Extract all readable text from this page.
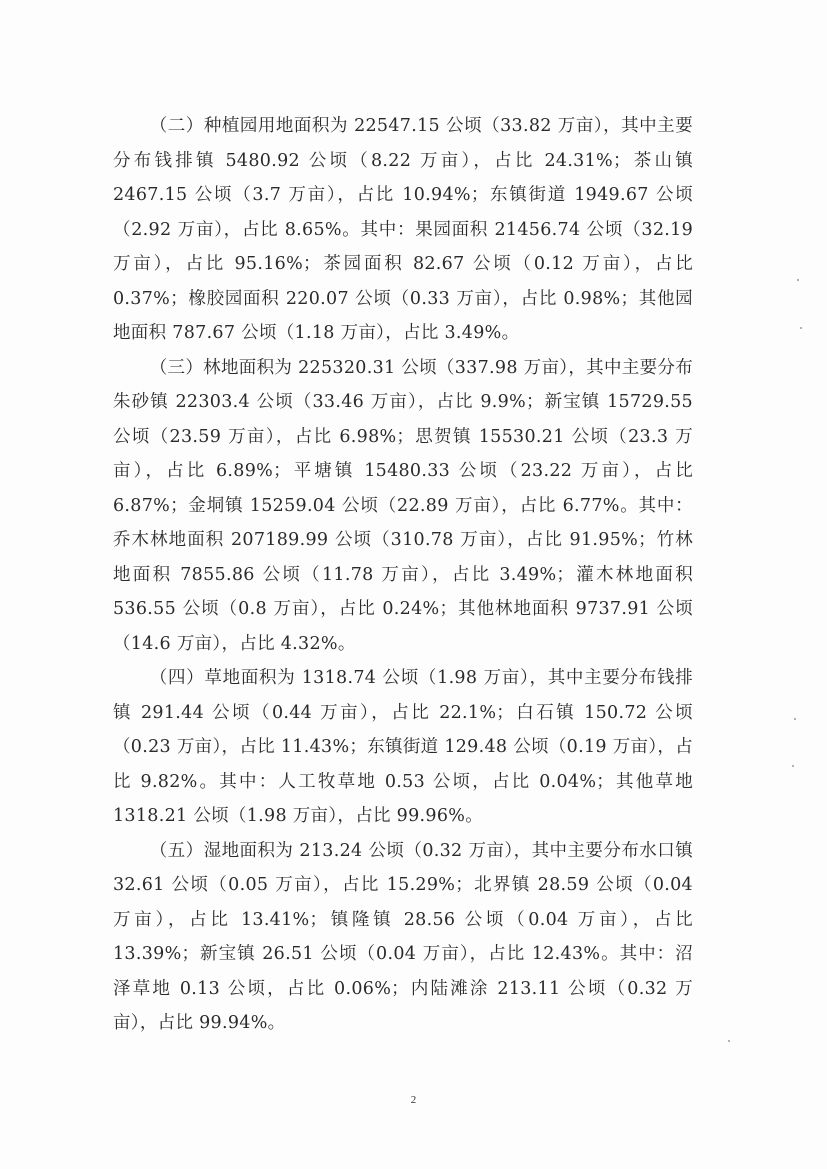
（二）种植园用地面积为 22547.15 公顷（33.82 万亩），其中主要分布钱排镇 5480.92 公顷（8.22 万亩），占比 24.31%；茶山镇 2467.15 公顷（3.7 万亩），占比 10.94%；东镇街道 1949.67 公顷（2.92 万亩），占比 8.65%。其中：果园面积 21456.74 公顷（32.19 万亩），占比 95.16%；茶园面积 82.67 公顷（0.12 万亩），占比 0.37%；橡胶园面积 220.07 公顷（0.33 万亩），占比 0.98%；其他园地面积 787.67 公顷（1.18 万亩），占比 3.49%。

（三）林地面积为 225320.31 公顷（337.98 万亩），其中主要分布朱砂镇 22303.4 公顷（33.46 万亩），占比 9.9%；新宝镇 15729.55 公顷（23.59 万亩），占比 6.98%；思贺镇 15530.21 公顷（23.3 万亩），占比 6.89%；平塘镇 15480.33 公顷（23.22 万亩），占比 6.87%；金垌镇 15259.04 公顷（22.89 万亩），占比 6.77%。其中：乔木林地面积 207189.99 公顷（310.78 万亩），占比 91.95%；竹林地面积 7855.86 公顷（11.78 万亩），占比 3.49%；灌木林地面积 536.55 公顷（0.8 万亩），占比 0.24%；其他林地面积 9737.91 公顷（14.6 万亩），占比 4.32%。

（四）草地面积为 1318.74 公顷（1.98 万亩），其中主要分布钱排镇 291.44 公顷（0.44 万亩），占比 22.1%；白石镇 150.72 公顷（0.23 万亩），占比 11.43%；东镇街道 129.48 公顷（0.19 万亩），占比 9.82%。其中：人工牧草地 0.53 公顷，占比 0.04%；其他草地 1318.21 公顷（1.98 万亩），占比 99.96%。

（五）湿地面积为 213.24 公顷（0.32 万亩），其中主要分布水口镇 32.61 公顷（0.05 万亩），占比 15.29%；北界镇 28.59 公顷（0.04 万亩），占比 13.41%；镇隆镇 28.56 公顷（0.04 万亩），占比 13.39%；新宝镇 26.51 公顷（0.04 万亩），占比 12.43%。其中：沼泽草地 0.13 公顷，占比 0.06%；内陆滩涂 213.11 公顷（0.32 万亩），占比 99.94%。

2
